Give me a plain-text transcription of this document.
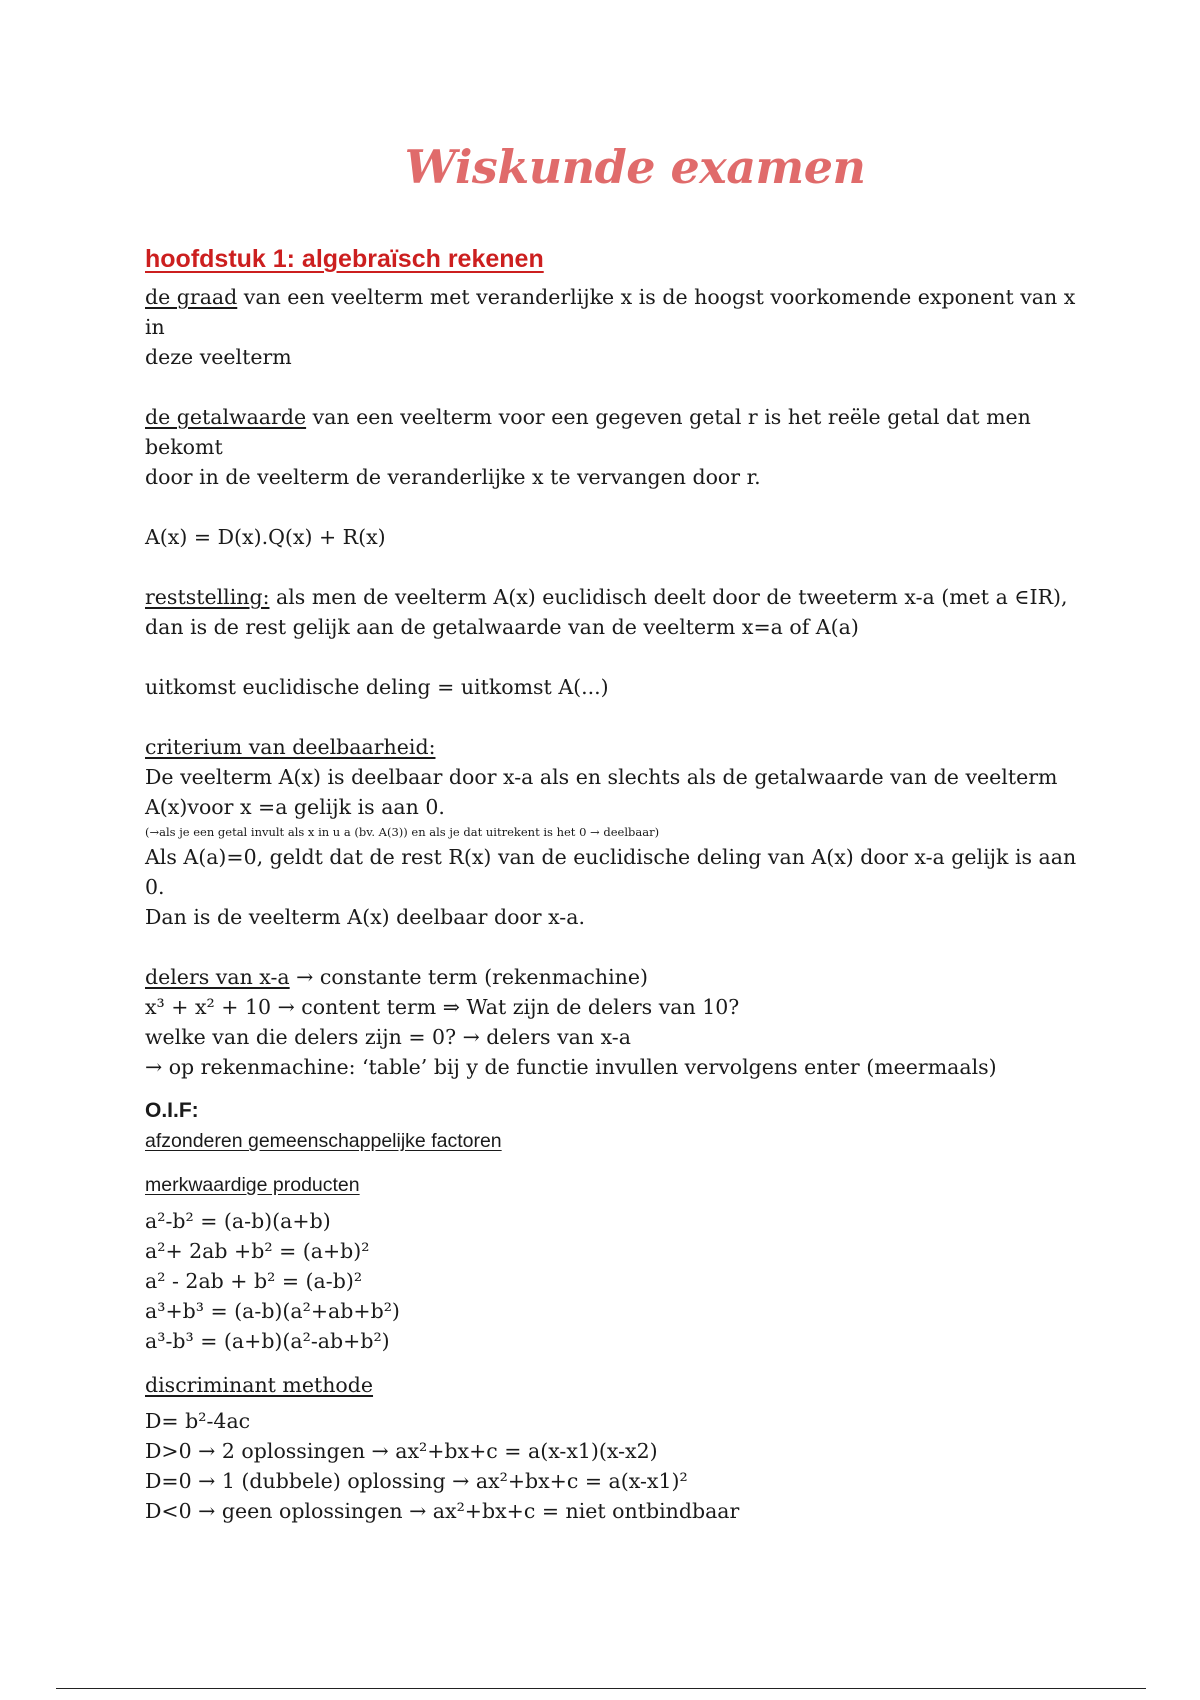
Wiskunde examen
hoofdstuk 1: algebraïsch rekenen

de graad van een veelterm met veranderlijke x is de hoogst voorkomende exponent van x in
deze veelterm

de getalwaarde van een veelterm voor een gegeven getal r is het reële getal dat men bekomt
door in de veelterm de veranderlijke x te vervangen door r.

A(x) = D(x).Q(x) + R(x)

reststelling: als men de veelterm A(x) euclidisch deelt door de tweeterm x-a (met a ∈IR),
dan is de rest gelijk aan de getalwaarde van de veelterm x=a of A(a)

uitkomst euclidische deling = uitkomst A(...)

criterium van deelbaarheid:

De veelterm A(x) is deelbaar door x-a als en slechts als de getalwaarde van de veelterm

A(x)voor x =a gelijk is aan 0.

(→als je een getal invult als x in u a (bv. A(3)) en als je dat uitrekent is het 0 → deelbaar)

Als A(a)=0, geldt dat de rest R(x) van de euclidische deling van A(x) door x-a gelijk is aan 0.

Dan is de veelterm A(x) deelbaar door x-a.

delers van x-a → constante term (rekenmachine)

x³ + x² + 10 → content term ⇒ Wat zijn de delers van 10?

welke van die delers zijn = 0? → delers van x-a

→ op rekenmachine: ‘table’ bij y de functie invullen vervolgens enter (meermaals)

O.I.F:

afzonderen gemeenschappelijke factoren

merkwaardige producten

a²-b² = (a-b)(a+b)

a²+ 2ab +b² = (a+b)²

a² - 2ab + b² = (a-b)²

a³+b³ = (a-b)(a²+ab+b²)

a³-b³ = (a+b)(a²-ab+b²)

discriminant methode

D= b²-4ac

D>0 → 2 oplossingen → ax²+bx+c = a(x-x1)(x-x2)

D=0 → 1 (dubbele) oplossing → ax²+bx+c = a(x-x1)²

D<0 → geen oplossingen → ax²+bx+c = niet ontbindbaar
